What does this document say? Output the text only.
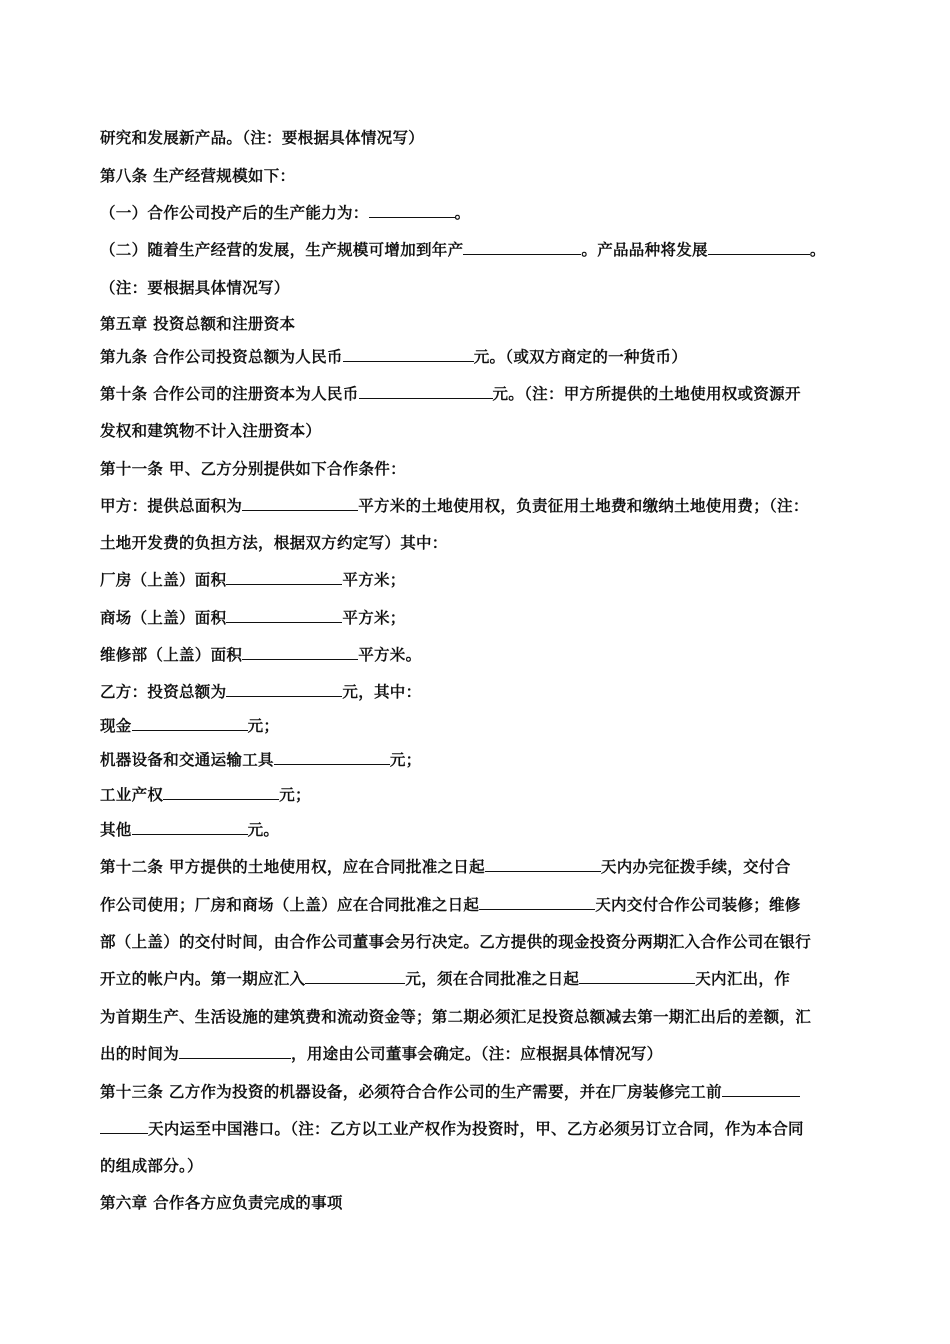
研究和发展新产品。（注：要根据具体情况写）
第八条 生产经营规模如下：
（一）合作公司投产后的生产能力为：	。
（二）随着生产经营的发展，生产规模可增加到年产	。产品品种将发展	。
（注：要根据具体情况写）
第五章 投资总额和注册资本
第九条 合作公司投资总额为人民币	元。（或双方商定的一种货币）
第十条 合作公司的注册资本为人民币	元。（注：甲方所提供的土地使用权或资源开
发权和建筑物不计入注册资本）
第十一条 甲、乙方分别提供如下合作条件：
甲方：提供总面积为	平方米的土地使用权，负责征用土地费和缴纳土地使用费；（注：
土地开发费的负担方法，根据双方约定写）其中：
厂房（上盖）面积	平方米；
商场（上盖）面积	平方米；
维修部（上盖）面积	平方米。
乙方：投资总额为	元，其中：
现金	元；
机器设备和交通运输工具	元；
工业产权	元；
其他	元。
第十二条 甲方提供的土地使用权，应在合同批准之日起	天内办完征拨手续，交付合
作公司使用；厂房和商场（上盖）应在合同批准之日起	天内交付合作公司装修；维修
部（上盖）的交付时间，由合作公司董事会另行决定。乙方提供的现金投资分两期汇入合作公司在银行
开立的帐户内。第一期应汇入	元，须在合同批准之日起	天内汇出，作
为首期生产、生活设施的建筑费和流动资金等；第二期必须汇足投资总额减去第一期汇出后的差额，汇
出的时间为	，用途由公司董事会确定。（注：应根据具体情况写）
第十三条 乙方作为投资的机器设备，必须符合合作公司的生产需要，并在厂房装修完工前
天内运至中国港口。（注：乙方以工业产权作为投资时，甲、乙方必须另订立合同，作为本合同
的组成部分。）
第六章 合作各方应负责完成的事项
